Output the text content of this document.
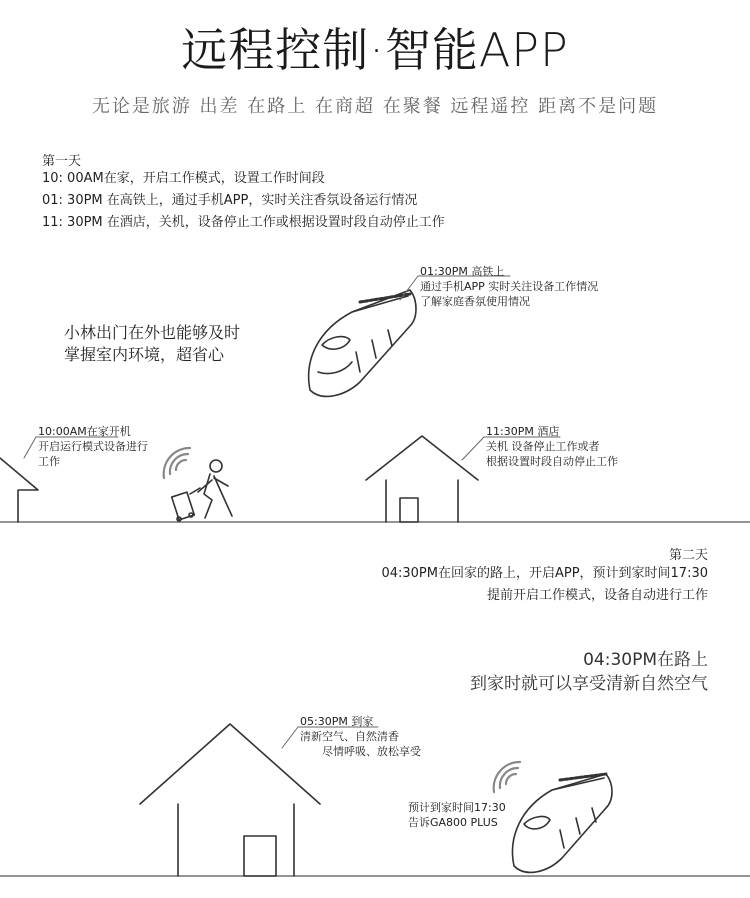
远程控制·智能APP
无论是旅游 出差 在路上 在商超 在聚餐 远程遥控 距离不是问题
第一天
10: 00AM在家，开启工作模式，设置工作时间段
01: 30PM 在高铁上，通过手机APP，实时关注香氛设备运行情况
11: 30PM 在酒店，关机，设备停止工作或根据设置时段自动停止工作
01:30PM 高铁上
通过手机APP 实时关注设备工作情况
了解家庭香氛使用情况
小林出门在外也能够及时
掌握室内环境，超省心
10:00AM在家开机
开启运行模式设备进行
工作
11:30PM 酒店
关机 设备停止工作或者
根据设置时段自动停止工作
第二天
04:30PM在回家的路上，开启APP，预计到家时间17:30
提前开启工作模式，设备自动进行工作
04:30PM在路上
到家时就可以享受清新自然空气
05:30PM 到家
清新空气、自然清香
尽情呼吸、放松享受
预计到家时间17:30
告诉GA800 PLUS
